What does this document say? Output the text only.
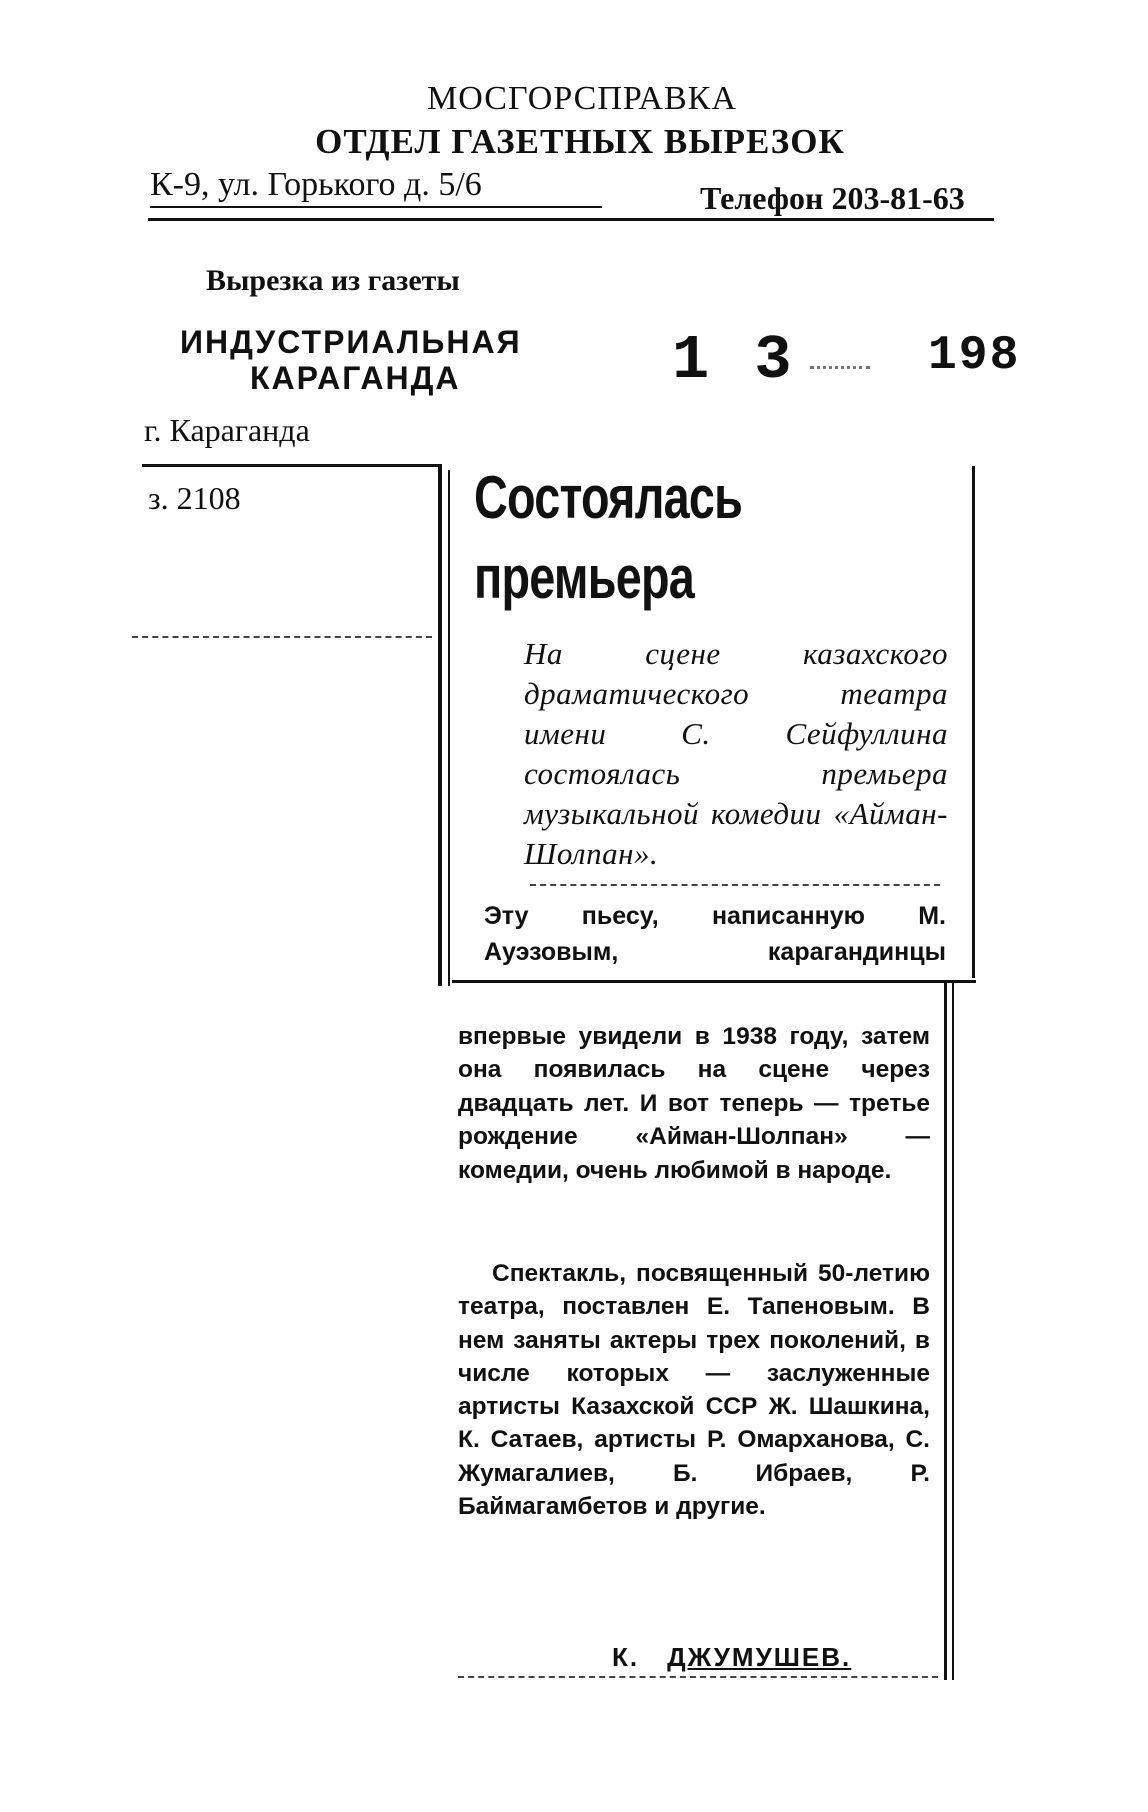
МОСГОРСПРАВКА
ОТДЕЛ ГАЗЕТНЫХ ВЫРЕЗОК
К-9, ул. Горького д. 5/6	Телефон 203-81-63
Вырезка из газеты
ИНДУСТРИАЛЬНАЯ
КАРАГАНДА
г. Караганда
1 3	198
з. 2108	Состоялась
премьера
На сцене казахского драматического театра имени С. Сейфуллина состоялась премьера музыкальной комедии «Айман-Шолпан».
Эту пьесу, написанную М. Ауэзовым, карагандинцы
впервые увидели в 1938 году, затем она появилась на сцене через двадцать лет. И вот теперь — третье рождение «Айман-Шолпан» — комедии, очень любимой в народе.
Спектакль, посвященный 50-летию театра, поставлен Е. Тапеновым. В нем заняты актеры трех поколений, в числе которых — заслуженные артисты Казахской ССР Ж. Шашкина, К. Сатаев, артисты Р. Омарханова, С. Жумагалиев, Б. Ибраев, Р. Баймагамбетов и другие.
К. ДЖУМУШЕВ.
